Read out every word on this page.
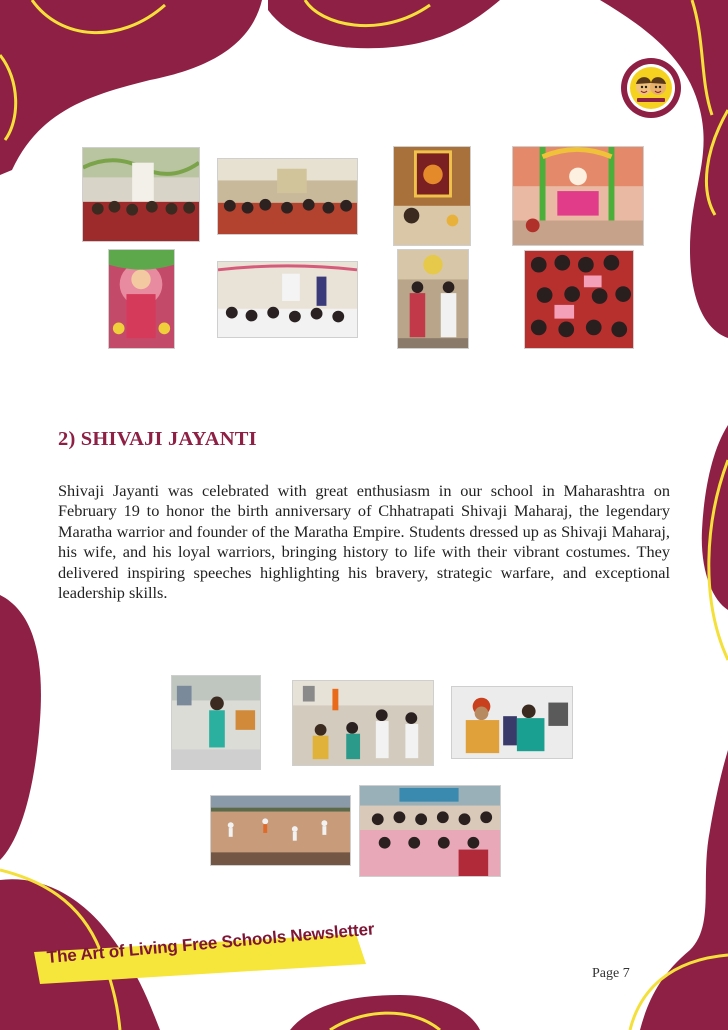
2) SHIVAJI JAYANTI

Shivaji Jayanti was celebrated with great enthusiasm in our school in Maharashtra on February 19 to honor the birth anniversary of Chhatrapati Shivaji Maharaj, the legendary Maratha warrior and founder of the Maratha Empire. Students dressed up as Shivaji Maharaj, his wife, and his loyal warriors, bringing history to life with their vibrant costumes. They delivered inspiring speeches highlighting his bravery, strategic warfare, and exceptional leadership skills.

The Art of Living Free Schools Newsletter
Page 7
